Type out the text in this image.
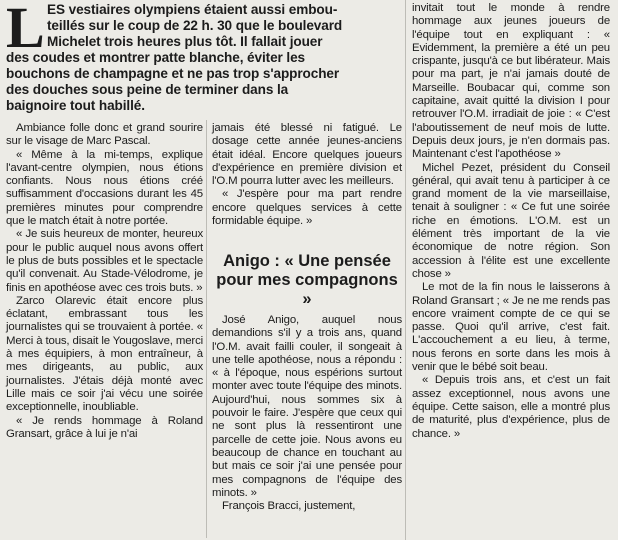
L ES vestiaires olympiens étaient aussi embou-
teillés sur le coup de 22 h. 30 que le boulevard
Michelet trois heures plus tôt. Il fallait jouer
des coudes et montrer patte blanche, éviter les
bouchons de champagne et ne pas trop s'approcher
des douches sous peine de terminer dans la
baignoire tout habillé.

Ambiance folle donc et grand sourire sur le visage de Marc Pascal.

« Même à la mi-temps, explique l'avant-centre olympien, nous étions confiants. Nous nous étions créé suffisamment d'occasions durant les 45 premières minutes pour comprendre que le match était à notre portée.

« Je suis heureux de monter, heureux pour le public auquel nous avons offert le plus de buts possibles et le spectacle qu'il convenait. Au Stade-Vélodrome, je finis en apothéose avec ces trois buts. »

Zarco Olarevic était encore plus éclatant, embrassant tous les journalistes qui se trouvaient à portée. « Merci à tous, disait le Yougoslave, merci à mes équipiers, à mon entraîneur, à mes dirigeants, au public, aux journalistes. J'étais déjà monté avec Lille mais ce soir j'ai vécu une soirée exceptionnelle, inoubliable.

« Je rends hommage à Roland Gransart, grâce à lui je n'ai

jamais été blessé ni fatigué. Le dosage cette année jeunes-anciens était idéal. Encore quelques joueurs d'expérience en première division et l'O.M pourra lutter avec les meilleurs.

« J'espère pour ma part rendre encore quelques services à cette formidable équipe. »

Anigo : « Une pensée pour mes compagnons »

José Anigo, auquel nous demandions s'il y a trois ans, quand l'O.M. avait failli couler, il songeait à une telle apothéose, nous a répondu : « à l'époque, nous espérions surtout monter avec toute l'équipe des minots. Aujourd'hui, nous sommes six à pouvoir le faire. J'espère que ceux qui ne sont plus là ressentiront une parcelle de cette joie. Nous avons eu beaucoup de chance en touchant au but mais ce soir j'ai une pensée pour mes compagnons de l'équipe des minots. »

François Bracci, justement,

invitait tout le monde à rendre hommage aux jeunes joueurs de l'équipe tout en expliquant : « Evidemment, la première a été un peu crispante, jusqu'à ce but libérateur. Mais pour ma part, je n'ai jamais douté de Marseille. Boubacar qui, comme son capitaine, avait quitté la division I pour retrouver l'O.M. irradiait de joie : « C'est l'aboutissement de neuf mois de lutte. Depuis deux jours, je n'en dormais pas. Maintenant c'est l'apothéose »

Michel Pezet, président du Conseil général, qui avait tenu à participer à ce grand moment de la vie marseillaise, tenait à souligner : « Ce fut une soirée riche en émotions. L'O.M. est un élément très important de la vie économique de notre région. Son accession à l'élite est une excellente chose »

Le mot de la fin nous le laisserons à Roland Gransart ; « Je ne me rends pas encore vraiment compte de ce qui se passe. Quoi qu'il arrive, c'est fait. L'accouchement a eu lieu, à terme, nous ferons en sorte dans les mois à venir que le bébé soit beau.

« Depuis trois ans, et c'est un fait assez exceptionnel, nous avons une équipe. Cette saison, elle a montré plus de maturité, plus d'expérience, plus de chance. »
